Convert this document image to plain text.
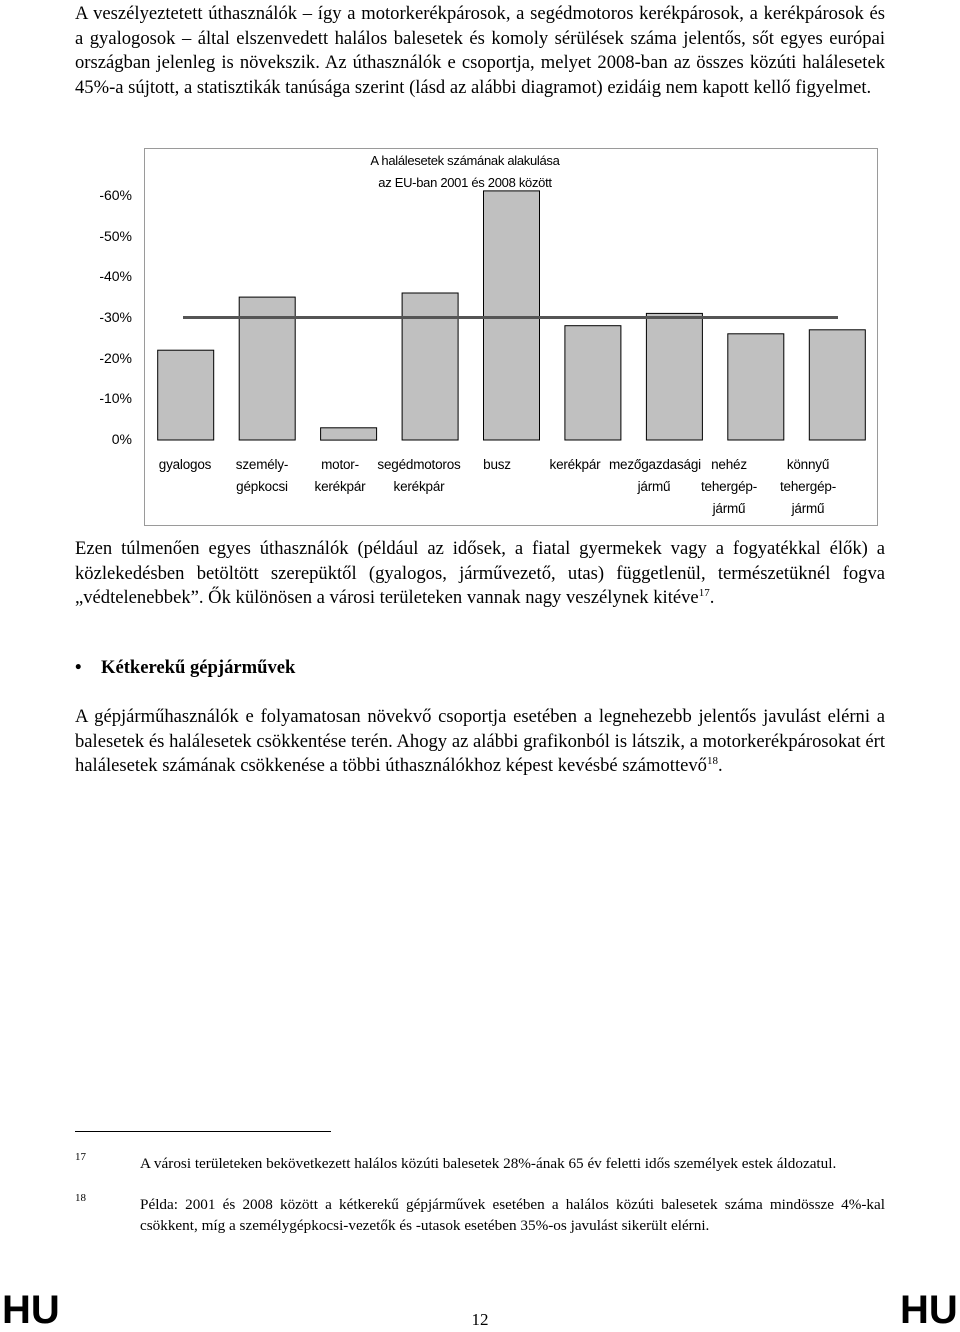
A veszélyeztetett úthasználók – így a motorkerékpárosok, a segédmotoros kerékpárosok, a kerékpárosok és a gyalogosok – által elszenvedett halálos balesetek és komoly sérülések száma jelentős, sőt egyes európai országban jelenleg is növekszik. Az úthasználók e csoportja, melyet 2008-ban az összes közúti halálesetek 45%-a sújtott, a statisztikák tanúsága szerint (lásd az alábbi diagramot) ezidáig nem kapott kellő figyelmet.

A halálesetek számának alakulása
az EU-ban 2001 és 2008 között
-60%
-50%
-40%
-30%
-20%
-10%
0%
gyalogos	személy-
gépkocsi
motor-
kerékpár
segédmotoros
kerékpár
busz	kerékpár mezőgazdasági
jármű
nehéz
tehergép-
jármű
könnyű
tehergép-
jármű

Ezen túlmenően egyes úthasználók (például az idősek, a fiatal gyermekek vagy a fogyatékkal élők) a közlekedésben betöltött szerepüktől (gyalogos, járművezető, utas) függetlenül, természetüknél fogva „védtelenebbek”. Ők különösen a városi területeken vannak nagy veszélynek kitéve$^{17}$.

• Kétkerekű gépjárművek

A gépjárműhasználók e folyamatosan növekvő csoportja esetében a legnehezebb jelentős javulást elérni a balesetek és halálesetek csökkentése terén. Ahogy az alábbi grafikonból is látszik, a motorkerékpárosokat ért halálesetek számának csökkenése a többi úthasználókhoz képest kevésbé számottevő$^{18}$.

17	A városi területeken bekövetkezett halálos közúti balesetek 28%-ának 65 év feletti idős személyek estek áldozatul.

18	Példa: 2001 és 2008 között a kétkerekű gépjárművek esetében a halálos közúti balesetek száma mindössze 4%-kal csökkent, míg a személygépkocsi-vezetők és -utasok esetében 35%-os javulást sikerült elérni.

HU	12	HU
